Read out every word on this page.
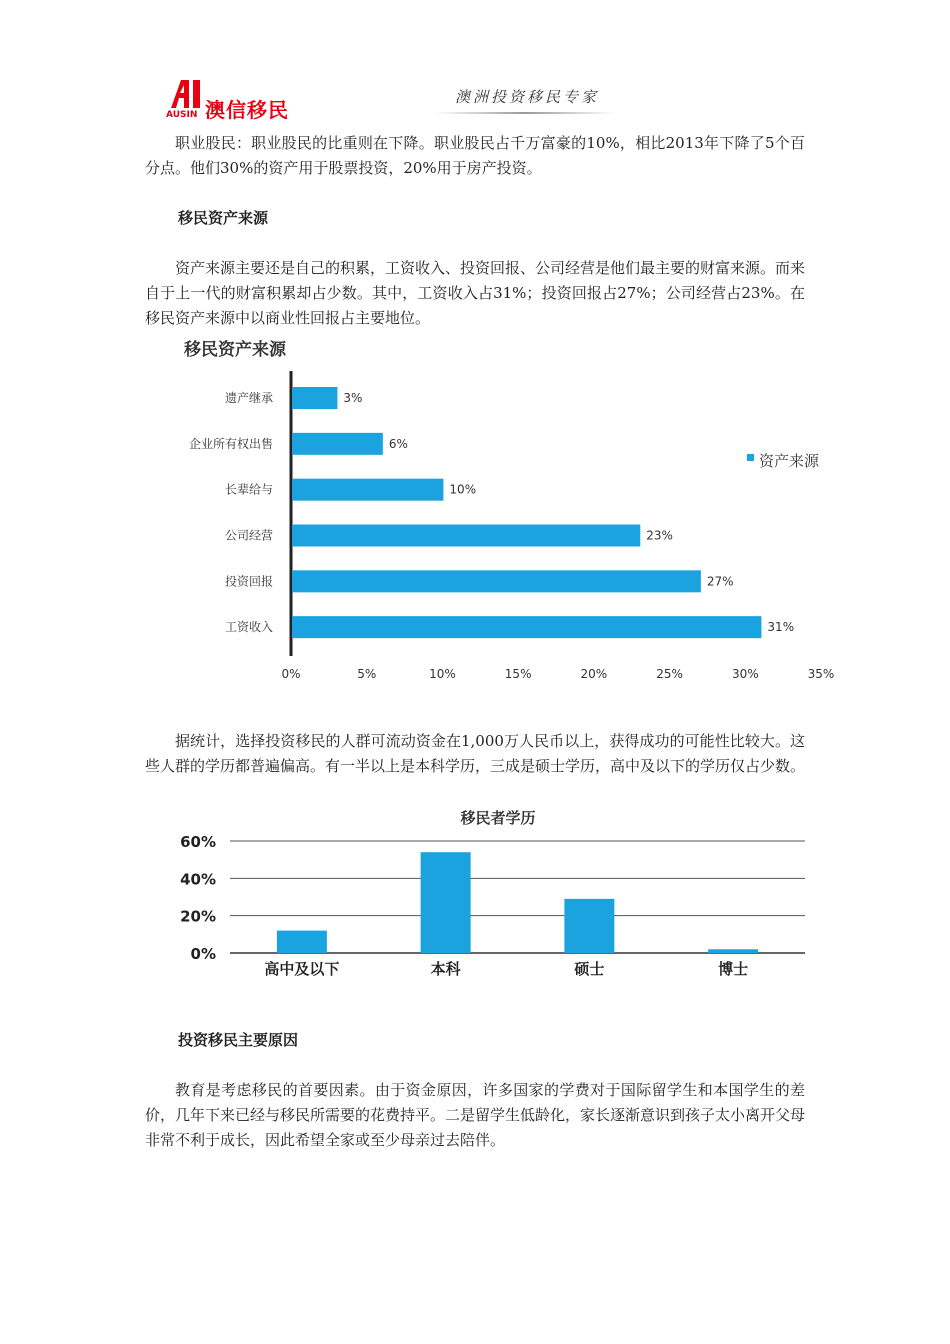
澳信移民
AUSIN
澳洲投资移民专家
职业股民：职业股民的比重则在下降。职业股民占千万富豪的10%，相比2013年下降了5个百分点。他们30%的资产用于股票投资，20%用于房产投资。
移民资产来源
资产来源主要还是自己的积累，工资收入、投资回报、公司经营是他们最主要的财富来源。而来自于上一代的财富积累却占少数。其中，工资收入占31%；投资回报占27%；公司经营占23%。在移民资产来源中以商业性回报占主要地位。
移民资产来源
遗产继承	3%
企业所有权出售	6%
长辈给与	10%
公司经营	23%
投资回报	27%
工资收入	31%
0%	5%	10%	15%	20%	25%	30%	35%
资产来源
据统计，选择投资移民的人群可流动资金在1,000万人民币以上，获得成功的可能性比较大。这些人群的学历都普遍偏高。有一半以上是本科学历，三成是硕士学历，高中及以下的学历仅占少数。
移民者学历
0%
20%
40%
60%
高中及以下	本科	硕士	博士
投资移民主要原因
教育是考虑移民的首要因素。由于资金原因，许多国家的学费对于国际留学生和本国学生的差价，几年下来已经与移民所需要的花费持平。二是留学生低龄化，家长逐渐意识到孩子太小离开父母非常不利于成长，因此希望全家或至少母亲过去陪伴。
